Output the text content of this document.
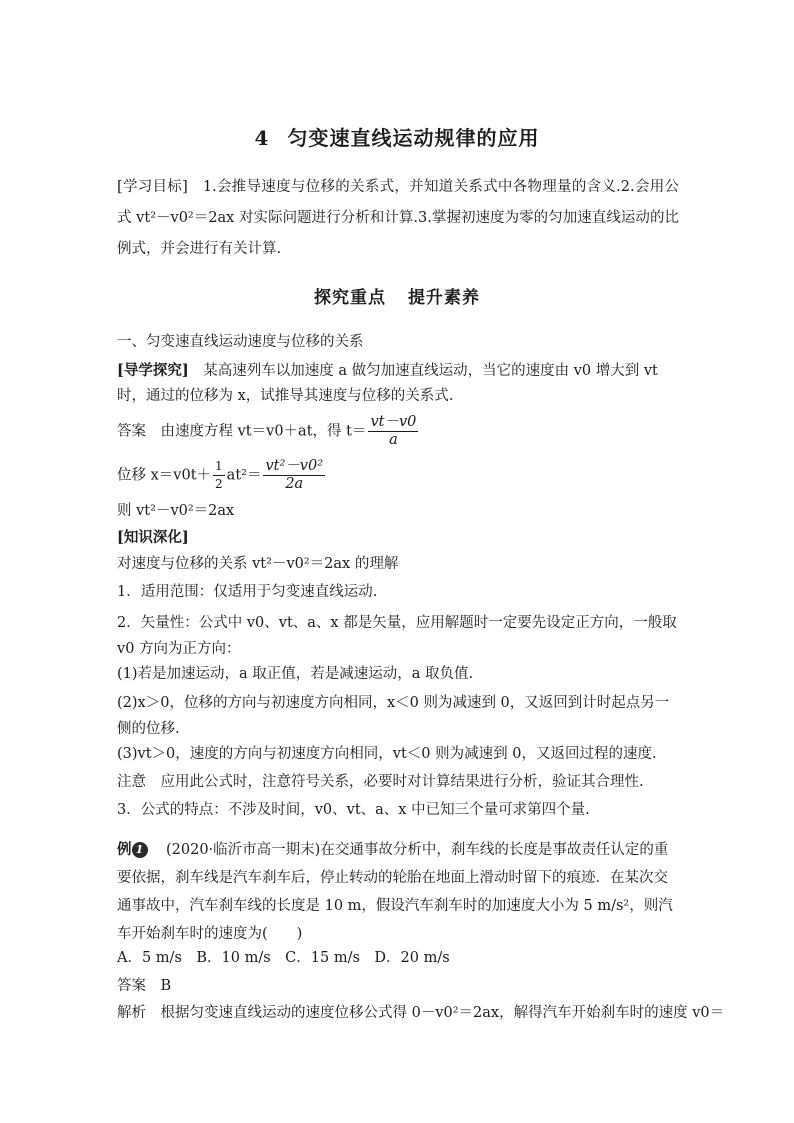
4 匀变速直线运动规律的应用
[学习目标]　 1.会推导速度与位移的关系式，并知道关系式中各物理量的含义.2.会用公式 vt²－v0²＝2ax 对实际问题进行分析和计算.3.掌握初速度为零的匀加速直线运动的比例式，并会进行有关计算.
探究重点 提升素养
一、匀变速直线运动速度与位移的关系
[导学探究]　 某高速列车以加速度 a 做匀加速直线运动，当它的速度由 v0 增大到 vt 时，通过的位移为 x，试推导其速度与位移的关系式.
答案　 由速度方程 vt＝v0＋at，得 $t= \frac{vt-v0}{a}$
位移 $x=v0t+ \frac{1}{2} at^2= \frac{\text{vt²－v0²}}{2a}$
则 vt²－v0²＝2ax
[知识深化]
对速度与位移的关系 vt²－v0²＝2ax 的理解
1．适用范围：仅适用于匀变速直线运动.
2．矢量性：公式中 v0、vt、a、x 都是矢量，应用解题时一定要先设定正方向，一般取 v0 方向为正方向：
(1)若是加速运动，a 取正值，若是减速运动，a 取负值.
(2)x＞0，位移的方向与初速度方向相同，x＜0 则为减速到 0，又返回到计时起点另一侧的位移.
(3)vt＞0，速度的方向与初速度方向相同，vt＜0 则为减速到 0，又返回过程的速度.
注意　应用此公式时，注意符号关系，必要时对计算结果进行分析，验证其合理性.
3．公式的特点：不涉及时间，v0、vt、a、x 中已知三个量可求第四个量.
例 1　 (2020·临沂市高一期末)在交通事故分析中，刹车线的长度是事故责任认定的重要依据，刹车线是汽车刹车后，停止转动的轮胎在地面上滑动时留下的痕迹．在某次交通事故中，汽车刹车线的长度是 10 m，假设汽车刹车时的加速度大小为 5 m/s²，则汽车开始刹车时的速度为(　　)
A．5 m/s　B．10 m/s　C．15 m/s　D．20 m/s
答案　B
解析　根据匀变速直线运动的速度位移公式得 0－v0²＝2ax，解得汽车开始刹车时的速度 v0＝
